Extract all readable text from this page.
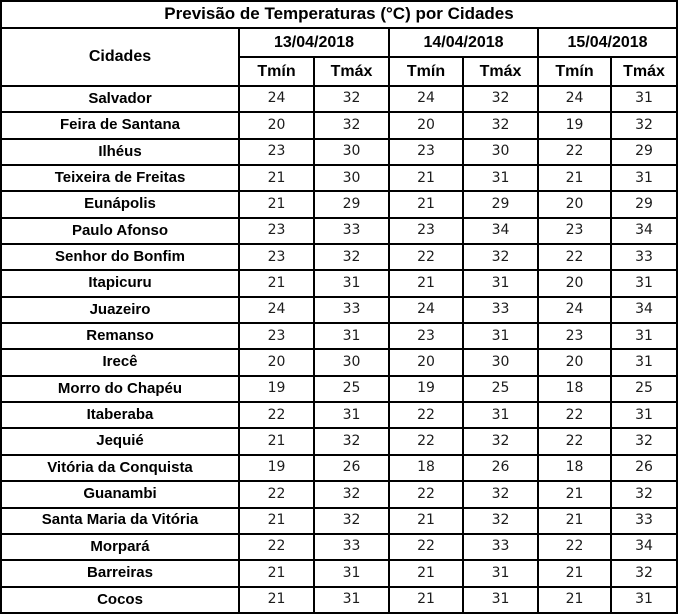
Previsão de Temperaturas (°C) por Cidades						
Cidades	13/04/2018		14/04/2018		15/04/2018	
	Tmín	Tmáx	Tmín	Tmáx	Tmín	Tmáx
Salvador	24	32	24	32	24	31
Feira de Santana	20	32	20	32	19	32
Ilhéus	23	30	23	30	22	29
Teixeira de Freitas	21	30	21	31	21	31
Eunápolis	21	29	21	29	20	29
Paulo Afonso	23	33	23	34	23	34
Senhor do Bonfim	23	32	22	32	22	33
Itapicuru	21	31	21	31	20	31
Juazeiro	24	33	24	33	24	34
Remanso	23	31	23	31	23	31
Irecê	20	30	20	30	20	31
Morro do Chapéu	19	25	19	25	18	25
Itaberaba	22	31	22	31	22	31
Jequié	21	32	22	32	22	32
Vitória da Conquista	19	26	18	26	18	26
Guanambi	22	32	22	32	21	32
Santa Maria da Vitória	21	32	21	32	21	33
Morpará	22	33	22	33	22	34
Barreiras	21	31	21	31	21	32
Cocos	21	31	21	31	21	31
